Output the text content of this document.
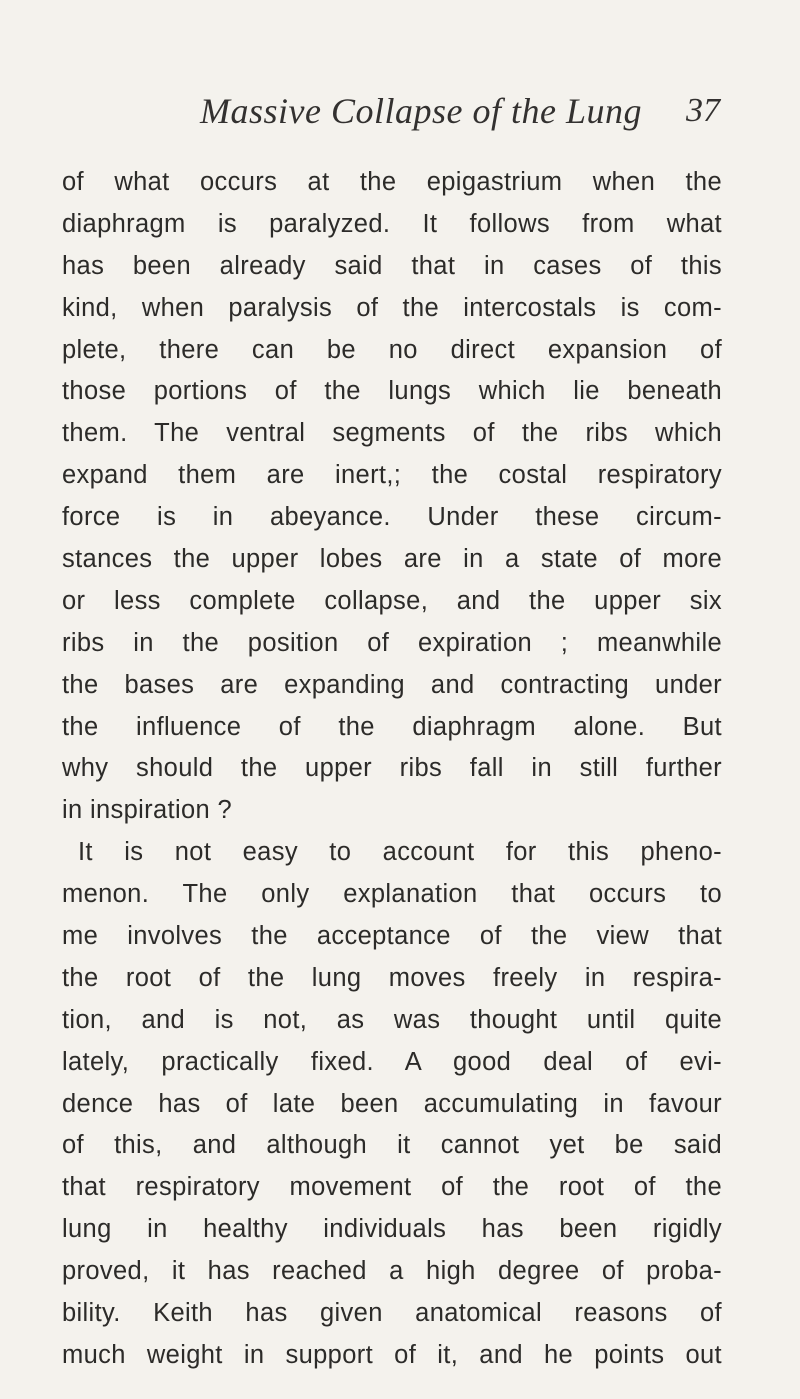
Massive Collapse of the Lung 37
of what occurs at the epigastrium when the
diaphragm is paralyzed. It follows from what
has been already said that in cases of this
kind, when paralysis of the intercostals is com-
plete, there can be no direct expansion of
those portions of the lungs which lie beneath
them. The ventral segments of the ribs which
expand them are inert,; the costal respiratory
force is in abeyance. Under these circum-
stances the upper lobes are in a state of more
or less complete collapse, and the upper six
ribs in the position of expiration ; meanwhile
the bases are expanding and contracting under
the influence of the diaphragm alone. But
why should the upper ribs fall in still further
in inspiration ?
It is not easy to account for this pheno-
menon. The only explanation that occurs to
me involves the acceptance of the view that
the root of the lung moves freely in respira-
tion, and is not, as was thought until quite
lately, practically fixed. A good deal of evi-
dence has of late been accumulating in favour
of this, and although it cannot yet be said
that respiratory movement of the root of the
lung in healthy individuals has been rigidly
proved, it has reached a high degree of proba-
bility. Keith has given anatomical reasons of
much weight in support of it, and he points out
